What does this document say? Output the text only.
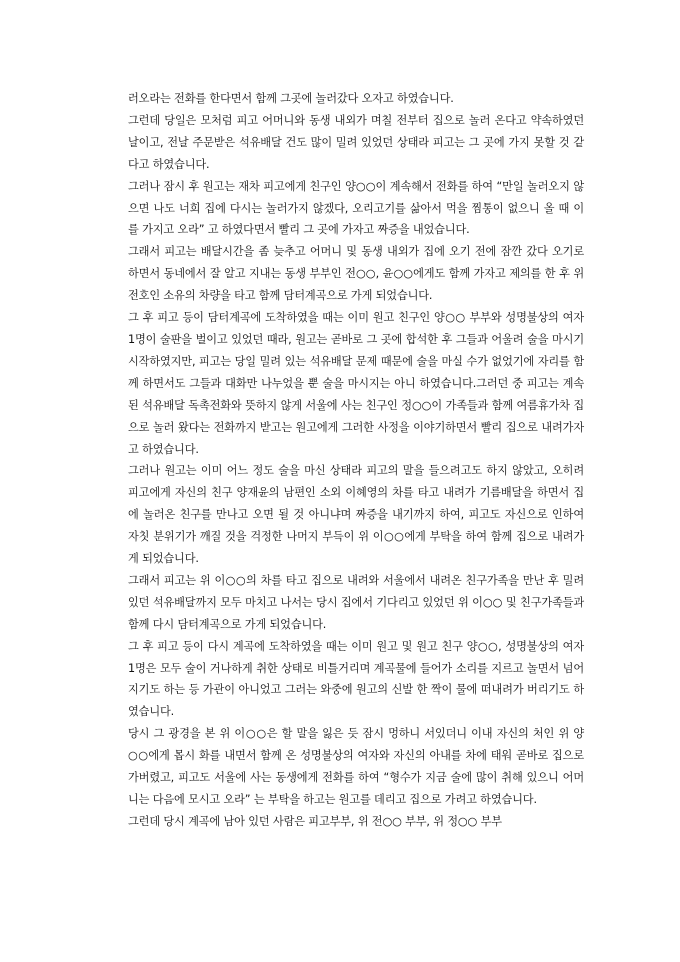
러오라는 전화를 한다면서 함께 그곳에 놀러갔다 오자고 하였습니다.

그런데 당일은 모처럼 피고 어머니와 동생 내외가 며칠 전부터 집으로 놀러 온다고 약속하였던 날이고, 전날 주문받은 석유배달 건도 많이 밀려 있었던 상태라 피고는 그 곳에 가지 못할 것 같다고 하였습니다.

그러나 잠시 후 원고는 재차 피고에게 친구인 양○○이 계속해서 전화를 하여 “만일 놀러오지 않으면 나도 너희 집에 다시는 놀러가지 않겠다, 오리고기를 삶아서 먹을 찜통이 없으니 올 때 이를 가지고 오라” 고 하였다면서 빨리 그 곳에 가자고 짜증을 내었습니다.

그래서 피고는 배달시간을 좀 늦추고 어머니 및 동생 내외가 집에 오기 전에 잠깐 갔다 오기로 하면서 동네에서 잘 알고 지내는 동생 부부인 전○○, 윤○○에게도 함께 가자고 제의를 한 후 위 전호인 소유의 차량을 타고 함께 담터계곡으로 가게 되었습니다.

그 후 피고 등이 담터계곡에 도착하였을 때는 이미 원고 친구인 양○○ 부부와 성명불상의 여자 1명이 술판을 벌이고 있었던 때라, 원고는 곧바로 그 곳에 합석한 후 그들과 어울려 술을 마시기 시작하였지만, 피고는 당일 밀려 있는 석유배달 문제 때문에 술을 마실 수가 없었기에 자리를 함께 하면서도 그들과 대화만 나누었을 뿐 술을 마시지는 아니 하였습니다.그러던 중 피고는 계속된 석유배달 독촉전화와 뜻하지 않게 서울에 사는 친구인 정○○이 가족들과 함께 여름휴가차 집으로 놀러 왔다는 전화까지 받고는 원고에게 그러한 사정을 이야기하면서 빨리 집으로 내려가자고 하였습니다.

그러나 원고는 이미 어느 정도 술을 마신 상태라 피고의 말을 들으려고도 하지 않았고, 오히려 피고에게 자신의 친구 양재윤의 남편인 소외 이혜영의 차를 타고 내려가 기름배달을 하면서 집에 놀러온 친구를 만나고 오면 될 것 아니냐며 짜증을 내기까지 하여, 피고도 자신으로 인하여 자칫 분위기가 깨질 것을 걱정한 나머지 부득이 위 이○○에게 부탁을 하여 함께 집으로 내려가게 되었습니다.

그래서 피고는 위 이○○의 차를 타고 집으로 내려와 서울에서 내려온 친구가족을 만난 후 밀려 있던 석유배달까지 모두 마치고 나서는 당시 집에서 기다리고 있었던 위 이○○ 및 친구가족들과 함께 다시 담터계곡으로 가게 되었습니다.

그 후 피고 등이 다시 계곡에 도착하였을 때는 이미 원고 및 원고 친구 양○○, 성명불상의 여자 1명은 모두 술이 거나하게 취한 상태로 비틀거리며 계곡물에 들어가 소리를 지르고 놀면서 넘어지기도 하는 등 가관이 아니었고 그러는 와중에 원고의 신발 한 짝이 물에 떠내려가 버리기도 하였습니다.

당시 그 광경을 본 위 이○○은 할 말을 잃은 듯 잠시 멍하니 서있더니 이내 자신의 처인 위 양○○에게 몹시 화를 내면서 함께 온 성명불상의 여자와 자신의 아내를 차에 태워 곧바로 집으로 가버렸고, 피고도 서울에 사는 동생에게 전화를 하여 “형수가 지금 술에 많이 취해 있으니 어머니는 다음에 모시고 오라” 는 부탁을 하고는 원고를 데리고 집으로 가려고 하였습니다.

그런데 당시 계곡에 남아 있던 사람은 피고부부, 위 전○○ 부부, 위 정○○ 부부
